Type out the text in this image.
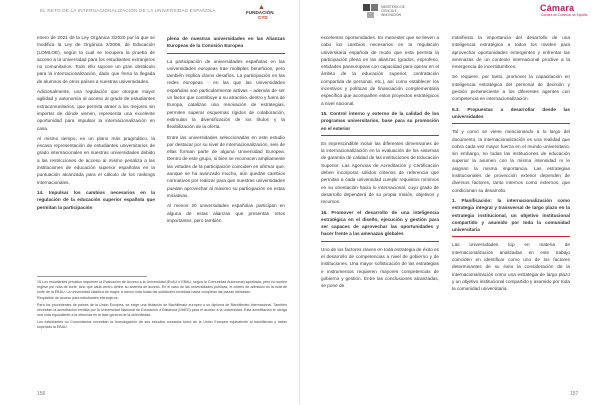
EL RETO DE LA INTERNACIONALIZACIÓN DE LA UNIVERSIDAD ESPAÑOLA	▲
FUNDACIÓN
CYD

enero de 2021 de la Ley Orgánica 3/2020 por la que se modifica la Ley de Orgánica 2/2006, de Educación (LOMLOE), según la cual se recupera la prueba de acceso a la universidad para los estudiantes extranjeros no comunitarios. Todo ello supone un gran obstáculo para la internacionalización, dado que frena la llegada de alumnos de otros países a nuestras universidades.

Adicionalmente, una regulación que otorgue mayor agilidad y autonomía al acceso al grado de estudiantes extracomunitarios, que permita atraer a los mejores sin importar de dónde vienen, representa una excelente oportunidad para impulsar la internacionalización en casa.

Al mismo tiempo, en un plano más pragmático, la escasa representación de estudiantes universitarios de grado internacionales en nuestras universidades debido a las restricciones de acceso al mismo penaliza a las instituciones de educación superior españolas en la puntuación alcanzada para el cálculo de los rankings internacionales.

14. Impulsar los cambios necesarios en la regulación de la educación superior española que permitan la participación
plena de nuestras universidades en las Alianzas Europeas de la Comisión Europea

La participación de universidades españolas en las universidades europeas trae múltiples beneficios, pero también implica claros desafíos. La participación en las redes europeas - en las que las universidades españolas son particularmente activas – además de ser un factor que contribuye a su atractivo, dentro y fuera de Europa, catalizan una renovación de estrategias, permiten superar esquemas rígidos de colaboración, estimulan la diversificación de los títulos y la flexibilización de la oferta.

Entre las universidades seleccionadas en este estudio por destacar por su nivel de internacionalización, seis de ellas forman parte de alguna Universidad Europea. Dentro de este grupo, si bien se reconocen ampliamente las virtudes de la participación coinciden en afirmar que, aunque se ha avanzado mucho, aún quedan cambios normativos por realizar para que nuestras universidades puedan aprovechar al máximo su participación en estas iniciativas.

Al menos 20 universidades españolas participan en alguna de estas alianzas que presentan retos importantes, pero también

15 Los estudiantes privados requieren la Evaluación de Acceso a la Universidad (EvAU o EBAU, según la Comunidad Autónoma) aprobada, pero no suelen regirse por nota de corte, sino que cada centro define su sistema de acceso. En el caso de las universidades públicas, el criterio de admisión es la nota de corte de la EBAU. La universidad clasifica de mayor a menor nota todas las solicitudes recibidas hasta completar las plazas ofertadas.

Requisitos de acceso para estudiantes extranjeros:

Para los procedentes de países de la Unión Europea, se exige una titulación de Bachillerato europeo o un diploma de Bachillerato Internacional. También necesitan la acreditación emitida por la Universidad Nacional de Educación a Distancia (UNED) para el acceso a la universidad. Esta acreditación le otorga una nota equivalente a la obtenida en la fase general de la selectividad.

Los estudiantes no Comunitarios necesitan la homologación de sus estudios cursados fuera de la Unión Europea equivalente al bachillerato y haber superado la EBAU.

156
MINISTERIO DE CIENCIA E INNOVACIÓN
Cámara
Cámara de Comercio de España

excelentes oportunidades. Es menester que se lleven a cabo los cambios necesarios en la regulación universitaria española de modo que esta permita la participación plena en las alianzas (grados, exprofeso, entidades paneuropeas con capacidad para operar en el ámbito de la educación superior, contratación compartida de personal, etc.), así como establecer los incentivos y políticas de financiación complementaria específica que acompañen estos proyectos estratégicos a nivel nacional.

15. Control interno y externo de la calidad de los programas universitarios, base para su promoción en el exterior

Es imprescindible incluir las diferentes dimensiones de la internacionalización en la evaluación de los sistemas de garantía de calidad de las instituciones de Educación Superior. Las Agencias de Acreditación y Certificación deben incorporar sólidos criterios de referencia que permitan a cada universidad cumplir requisitos mínimos en su orientación hacia lo internacional, cuyo grado de desarrollo dependerá de su propia misión, objetivos y recursos.

16. Promover el desarrollo de una inteligencia estratégica en el diseño, ejecución y gestión para ser capaces de aprovechar las oportunidades y hacer frente a las amenazas globales

Uno de los factores claves en toda estrategia de éxito es el desarrollo de competencias a nivel de gobierno y de instituciones. Una mayor sofisticación de las estrategias e instrumentos requieren mayores competencias de gobierno y gestión. Entre las conclusiones alcanzadas, se pone de

manifiesto la importancia del desarrollo de una inteligencia estratégica a todos los niveles para aprovechar oportunidades emergentes y enfrentar las amenazas de un contexto internacional proclive a la emergencia de incertidumbres.

Se requiere, por tanto, promover la capacitación en inteligencia estratégica del personal de decisión y gestión perteneciente a los diferentes agentes con competencia en internacionalización.

6.3. Propuestas a desarrollar desde las universidades

Tal y como se viene mencionando a lo largo del documento, la internacionalización es una realidad que cobra cada vez mayor fuerza en el mundo universitario, sin embargo, no todas las instituciones de educación superior la asumen con la misma intensidad ni le asignan la misma importancia. Las estrategias institucionales de provección exterior dependen de diversos factores, tanto internos como externos, que condicionan su desarrollo.

1. Planificación: la internacionalización como estrategia integral y transversal de largo plazo en la estrategia institucional, un objetivo institucional compartido y asumido por toda la comunidad universitaria

Las universidades top en materia de internacionalización analizadas en este trabajo coinciden en identificar como uno de los factores determinantes de su éxito la consideración de la internacionalización como una estrategia de largo plazo y un objetivo institucional compartido y asumido por toda la comunidad universitaria.

157
